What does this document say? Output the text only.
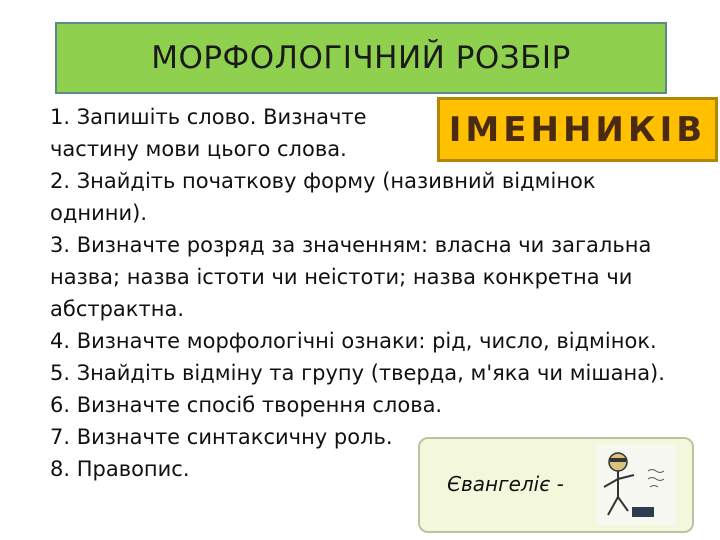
МОРФОЛОГІЧНИЙ РОЗБІР
ІМЕННИКІВ
1. Запишіть слово. Визначте
частину мови цього слова.
2. Знайдіть початкову форму (називний відмінок
однини).
3. Визначте розряд за значенням: власна чи загальна
назва; назва істоти чи неістоти; назва конкретна чи
абстрактна.
4. Визначте морфологічні ознаки: рід, число, відмінок.
5. Знайдіть відміну та групу (тверда, м'яка чи мішана).
6. Визначте спосіб творення слова.
7. Визначте синтаксичну роль.
8. Правопис.
Євангеліє -
